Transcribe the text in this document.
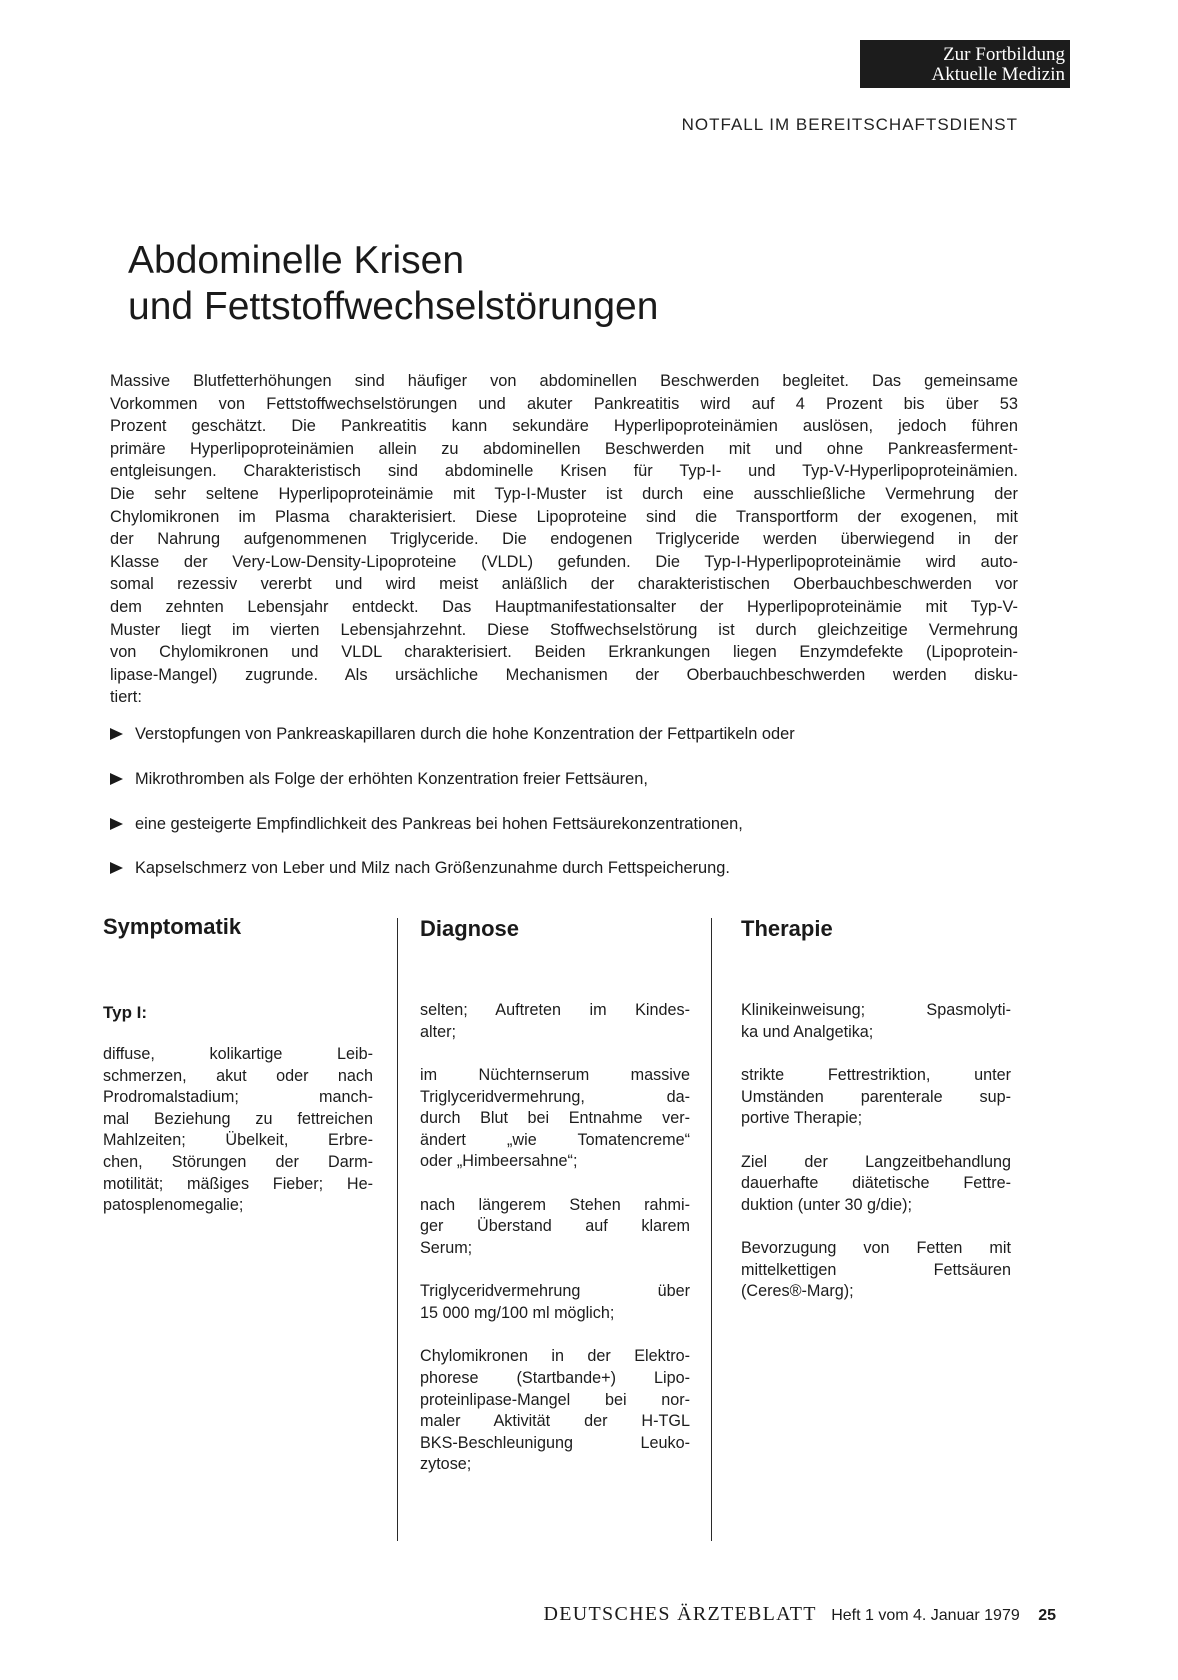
Zur Fortbildung
Aktuelle Medizin
NOTFALL IM BEREITSCHAFTSDIENST
Abdominelle Krisen
und Fettstoffwechselstörungen
Massive Blutfetterhöhungen sind häufiger von abdominellen Beschwerden begleitet. Das gemeinsame
Vorkommen von Fettstoffwechselstörungen und akuter Pankreatitis wird auf 4 Prozent bis über 53
Prozent geschätzt. Die Pankreatitis kann sekundäre Hyperlipoproteinämien auslösen, jedoch führen
primäre Hyperlipoproteinämien allein zu abdominellen Beschwerden mit und ohne Pankreasferment-
entgleisungen. Charakteristisch sind abdominelle Krisen für Typ-I- und Typ-V-Hyperlipoproteinämien.
Die sehr seltene Hyperlipoproteinämie mit Typ-I-Muster ist durch eine ausschließliche Vermehrung der
Chylomikronen im Plasma charakterisiert. Diese Lipoproteine sind die Transportform der exogenen, mit
der Nahrung aufgenommenen Triglyceride. Die endogenen Triglyceride werden überwiegend in der
Klasse der Very-Low-Density-Lipoproteine (VLDL) gefunden. Die Typ-I-Hyperlipoproteinämie wird auto-
somal rezessiv vererbt und wird meist anläßlich der charakteristischen Oberbauchbeschwerden vor
dem zehnten Lebensjahr entdeckt. Das Hauptmanifestationsalter der Hyperlipoproteinämie mit Typ-V-
Muster liegt im vierten Lebensjahrzehnt. Diese Stoffwechselstörung ist durch gleichzeitige Vermehrung
von Chylomikronen und VLDL charakterisiert. Beiden Erkrankungen liegen Enzymdefekte (Lipoprotein-
lipase-Mangel) zugrunde. Als ursächliche Mechanismen der Oberbauchbeschwerden werden disku-
tiert:
Verstopfungen von Pankreaskapillaren durch die hohe Konzentration der Fettpartikeln oder
Mikrothromben als Folge der erhöhten Konzentration freier Fettsäuren,
eine gesteigerte Empfindlichkeit des Pankreas bei hohen Fettsäurekonzentrationen,
Kapselschmerz von Leber und Milz nach Größenzunahme durch Fettspeicherung.
Symptomatik
Typ I:
diffuse, kolikartige Leib-
schmerzen, akut oder nach
Prodromalstadium; manch-
mal Beziehung zu fettreichen
Mahlzeiten; Übelkeit, Erbre-
chen, Störungen der Darm-
motilität; mäßiges Fieber; He-
patosplenomegalie;
Diagnose
selten; Auftreten im Kindes-
alter;
im Nüchternserum massive
Triglyceridvermehrung, da-
durch Blut bei Entnahme ver-
ändert „wie Tomatencreme“
oder „Himbeersahne“;
nach längerem Stehen rahmi-
ger Überstand auf klarem
Serum;
Triglyceridvermehrung über
15 000 mg/100 ml möglich;
Chylomikronen in der Elektro-
phorese (Startbande+) Lipo-
proteinlipase-Mangel bei nor-
maler Aktivität der H-TGL
BKS-Beschleunigung Leuko-
zytose;
Therapie
Klinikeinweisung; Spasmolyti-
ka und Analgetika;
strikte Fettrestriktion, unter
Umständen parenterale sup-
portive Therapie;
Ziel der Langzeitbehandlung
dauerhafte diätetische Fettre-
duktion (unter 30 g/die);
Bevorzugung von Fetten mit
mittelkettigen Fettsäuren
(Ceres®-Marg);
DEUTSCHES ÄRZTEBLATT Heft 1 vom 4. Januar 1979 25
